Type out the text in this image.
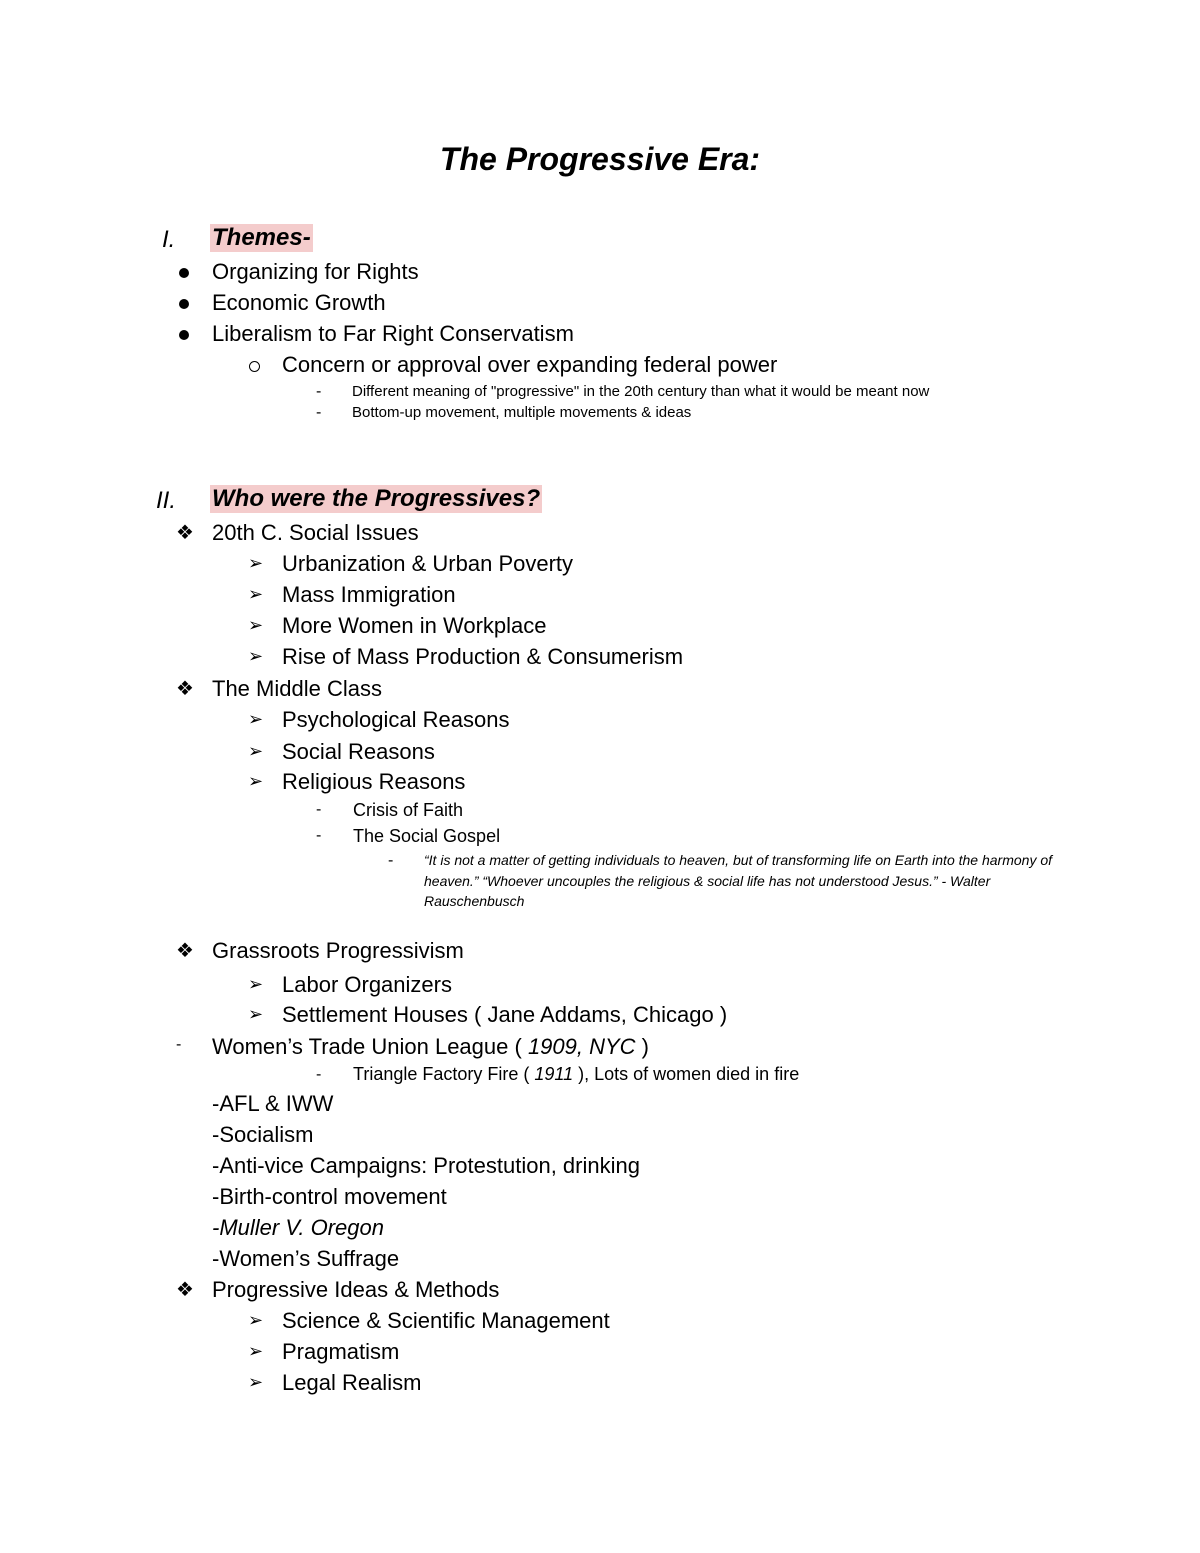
The Progressive Era:
I. Themes-
Organizing for Rights
Economic Growth
Liberalism to Far Right Conservatism
Concern or approval over expanding federal power
- Different meaning of "progressive" in the 20th century than what it would be meant now
- Bottom-up movement, multiple movements & ideas
II. Who were the Progressives?
❖ 20th C. Social Issues
➢ Urbanization & Urban Poverty
➢ Mass Immigration
➢ More Women in Workplace
➢ Rise of Mass Production & Consumerism
❖ The Middle Class
➢ Psychological Reasons
➢ Social Reasons
➢ Religious Reasons
- Crisis of Faith
- The Social Gospel
- “It is not a matter of getting individuals to heaven, but of transforming life on Earth into the harmony of heaven.” “Whoever uncouples the religious & social life has not understood Jesus.” - Walter Rauschenbusch
❖ Grassroots Progressivism
➢ Labor Organizers
➢ Settlement Houses ( Jane Addams, Chicago )
- Women’s Trade Union League ( 1909, NYC )
- Triangle Factory Fire ( 1911 ), Lots of women died in fire
-AFL & IWW
-Socialism
-Anti-vice Campaigns: Protestution, drinking
-Birth-control movement
-Muller V. Oregon
-Women’s Suffrage
❖ Progressive Ideas & Methods
➢ Science & Scientific Management
➢ Pragmatism
➢ Legal Realism
